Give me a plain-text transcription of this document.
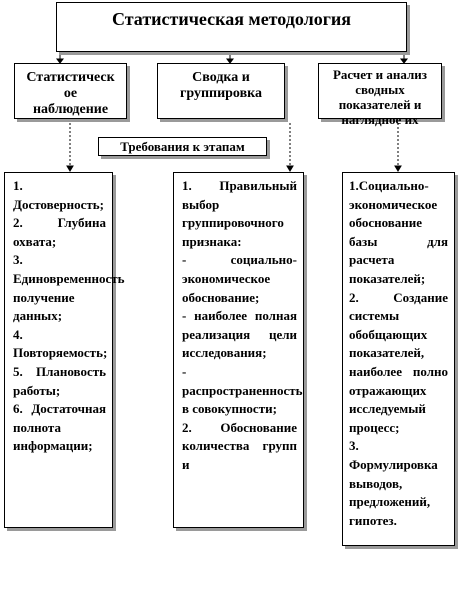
Статистическая методология
Статистическ
ое
наблюдение
Сводка и
группировка
Расчет и анализ
сводных
показателей и
наглядное их
Требования к этапам
1. Достоверность;
2. Глубина охвата;
3. Единовременность получение данных;
4. Повторяемость;
5. Плановость работы;
6. Достаточная полнота информации;
1. Правильный выбор группировочного признака:
- социально-экономическое обоснование;
- наиболее полная реализация цели исследования;
- распространенность в совокупности;
2. Обоснование количества групп и
1.Социально-экономическое обоснование базы для расчета показателей;
2. Создание системы обобщающих показателей, наиболее полно отражающих исследуемый процесс;
3. Формулировка выводов, предложений, гипотез.
